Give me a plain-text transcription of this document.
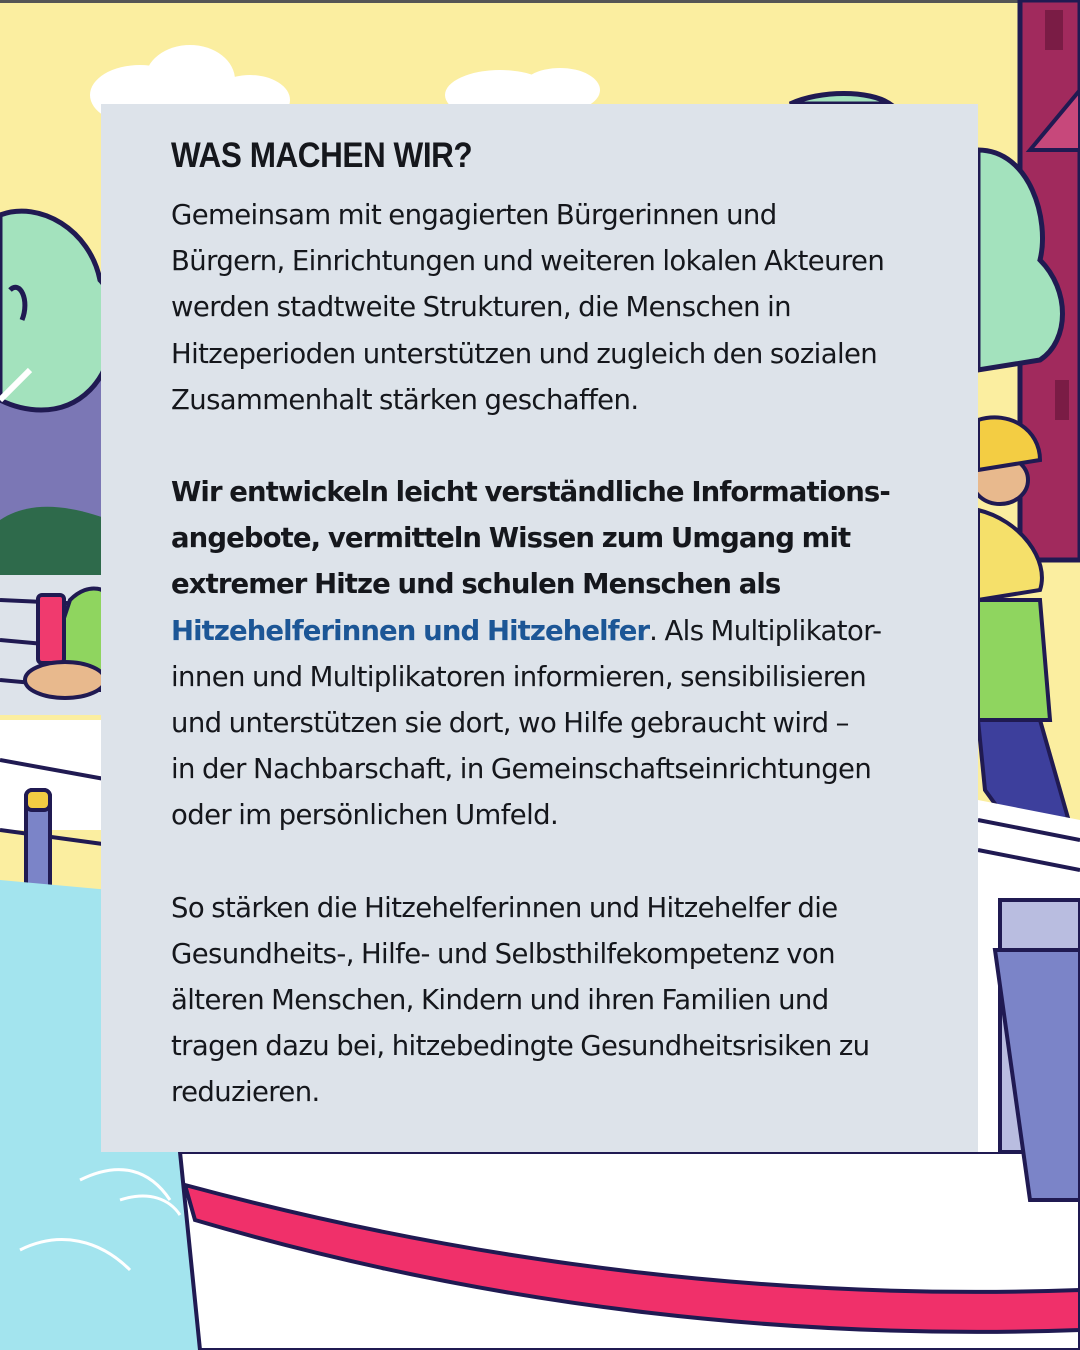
WAS MACHEN WIR?

Gemeinsam mit engagierten Bürgerinnen und
Bürgern, Einrichtungen und weiteren lokalen Akteuren
werden stadtweite Strukturen, die Menschen in
Hitzeperioden unterstützen und zugleich den sozialen
Zusammenhalt stärken geschaffen.

Wir entwickeln leicht verständliche Informations-
angebote, vermitteln Wissen zum Umgang mit
extremer Hitze und schulen Menschen als
Hitzehelferinnen und Hitzehelfer. Als Multiplikator-
innen und Multiplikatoren informieren, sensibilisieren
und unterstützen sie dort, wo Hilfe gebraucht wird –
in der Nachbarschaft, in Gemeinschaftseinrichtungen
oder im persönlichen Umfeld.

So stärken die Hitzehelferinnen und Hitzehelfer die
Gesundheits-, Hilfe- und Selbsthilfekompetenz von
älteren Menschen, Kindern und ihren Familien und
tragen dazu bei, hitzebedingte Gesundheitsrisiken zu
reduzieren.
